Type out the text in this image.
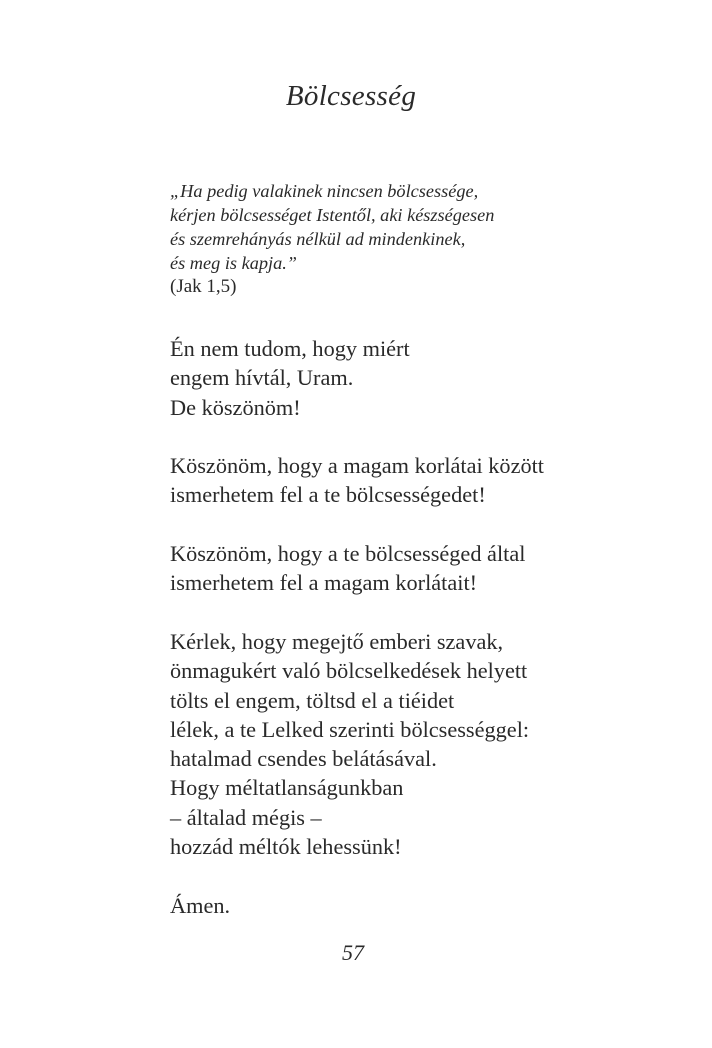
Bölcsesség
„Ha pedig valakinek nincsen bölcsessége,
kérjen bölcsességet Istentől, aki készségesen
és szemrehányás nélkül ad mindenkinek,
és meg is kapja.”
(Jak 1,5)
Én nem tudom, hogy miért
engem hívtál, Uram.
De köszönöm!
Köszönöm, hogy a magam korlátai között
ismerhetem fel a te bölcsességedet!
Köszönöm, hogy a te bölcsességed által
ismerhetem fel a magam korlátait!
Kérlek, hogy megejtő emberi szavak,
önmagukért való bölcselkedések helyett
tölts el engem, töltsd el a tiéidet
lélek, a te Lelked szerinti bölcsességgel:
hatalmad csendes belátásával.
Hogy méltatlanságunkban
– általad mégis –
hozzád méltók lehessünk!
Ámen.
57
